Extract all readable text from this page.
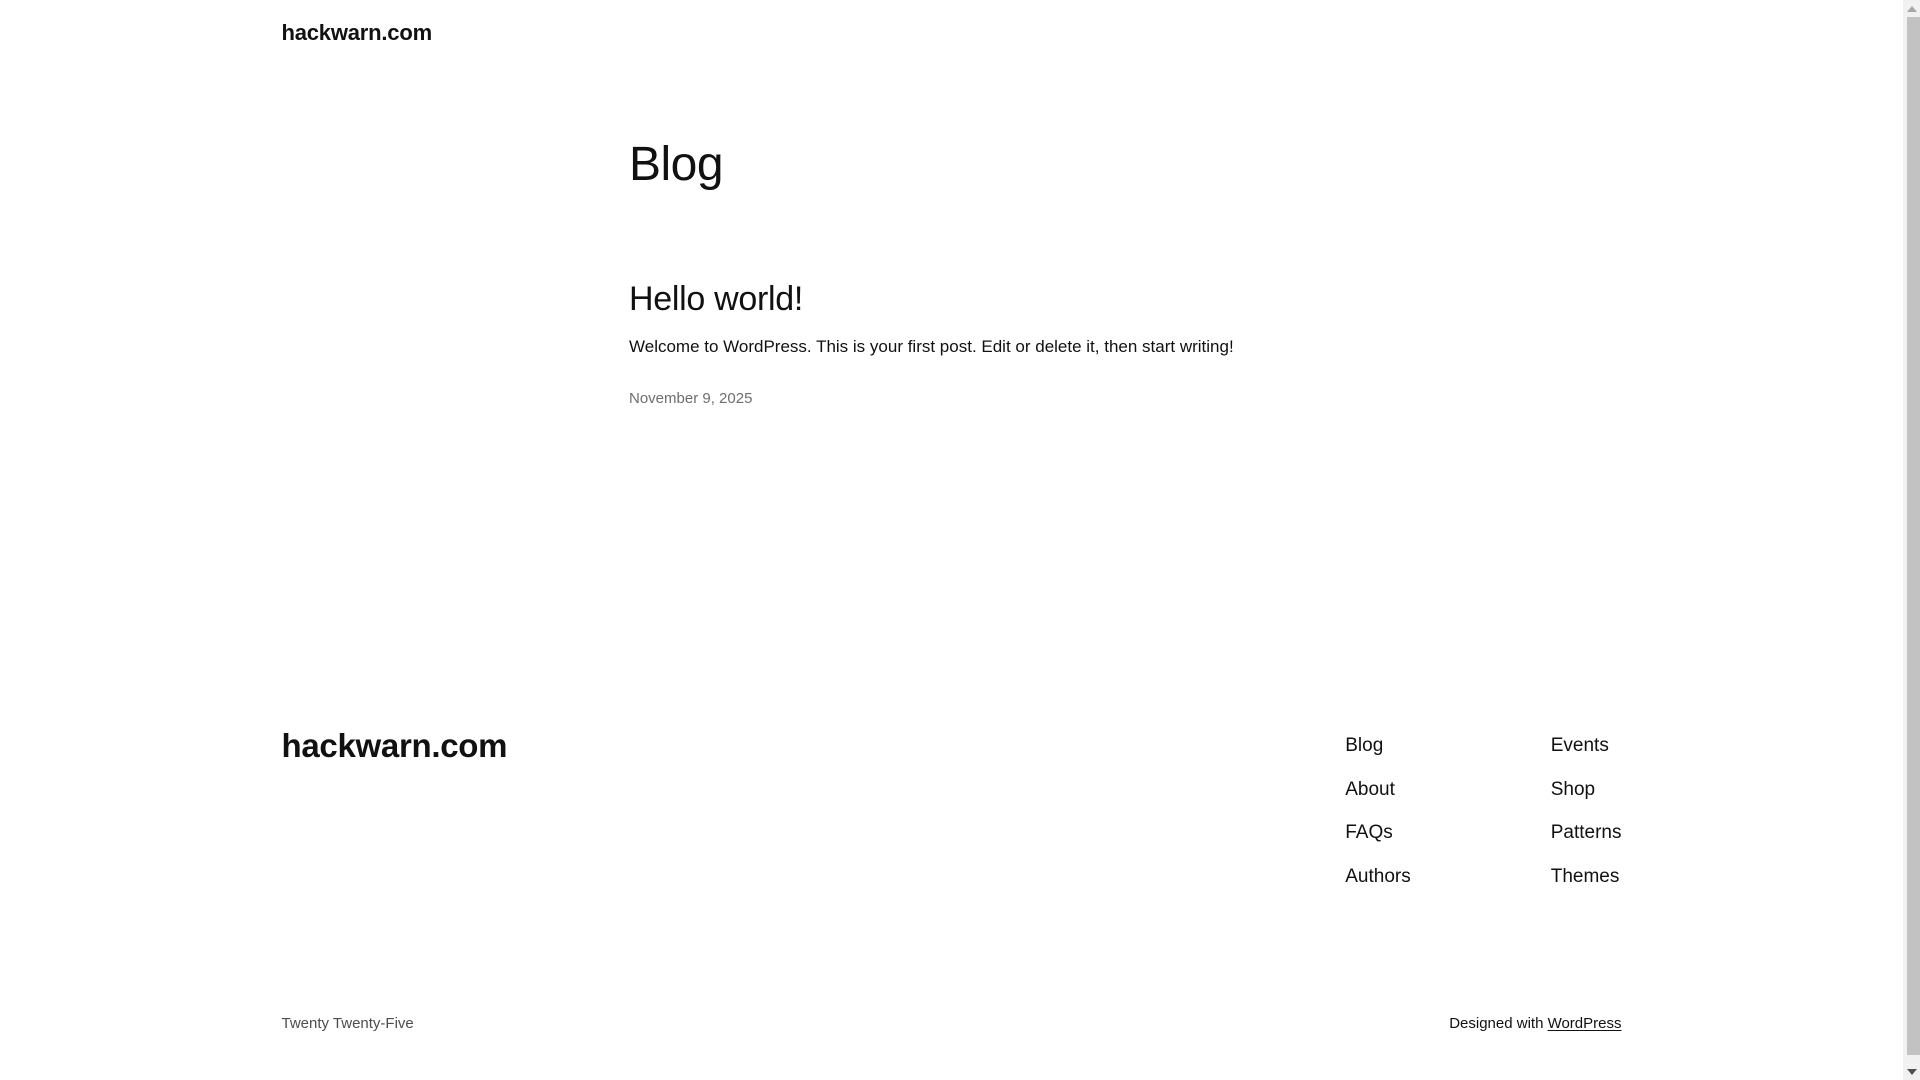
hackwarn.com
Blog
Hello world!

Welcome to WordPress. This is your first post. Edit or delete it, then start writing!

November 9, 2025
hackwarn.com	Blog
About
FAQs
Authors
Events
Shop
Patterns
Themes
Twenty Twenty-Five	Designed with WordPress
